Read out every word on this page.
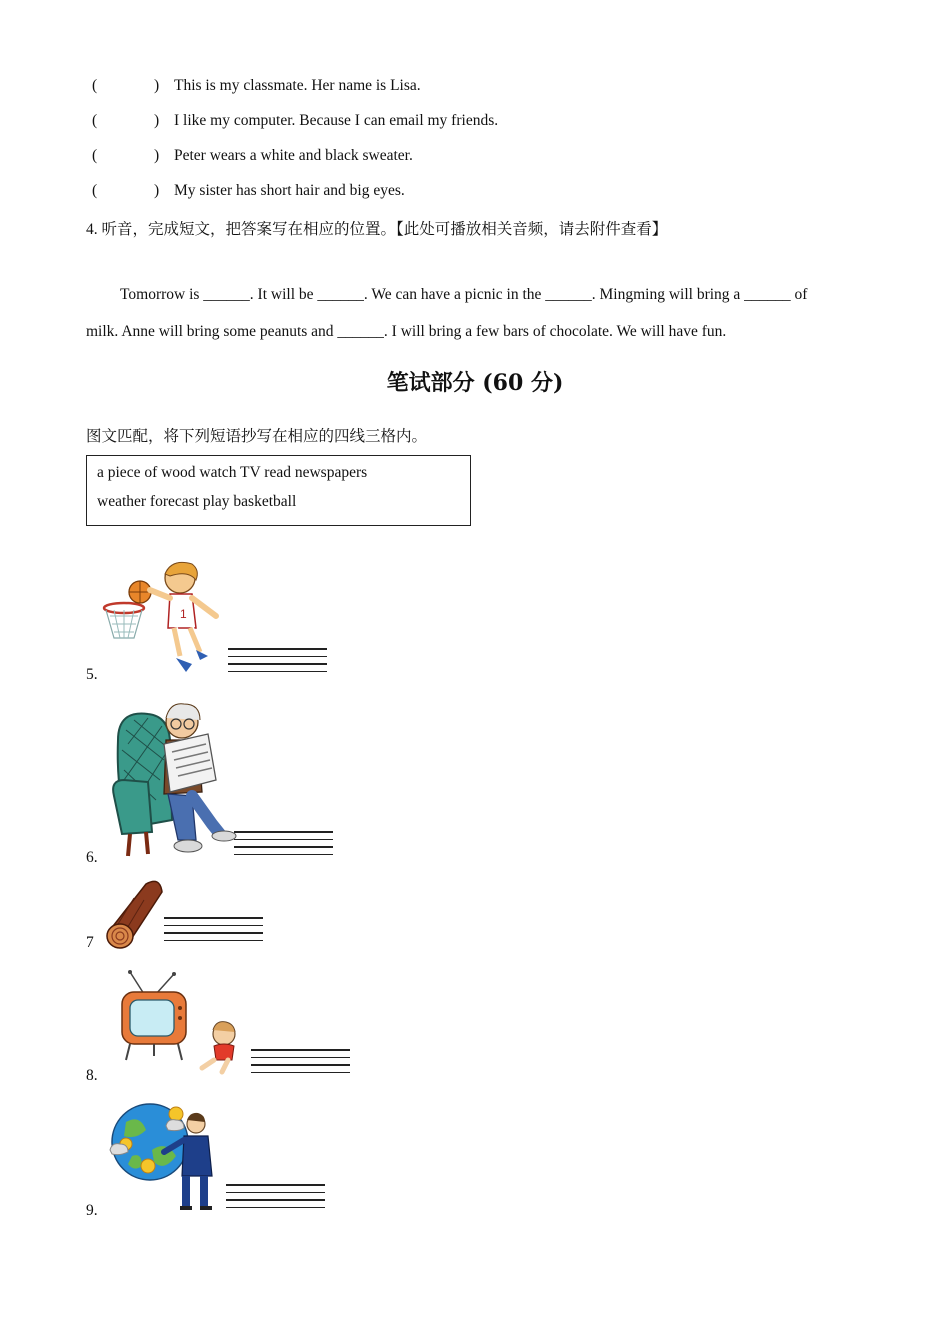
(	) This is my classmate. Her name is Lisa.
(	) I like my computer. Because I can email my friends.
(	) Peter wears a white and black sweater.
(	) My sister has short hair and big eyes.
4. 听音，完成短文，把答案写在相应的位置。【此处可播放相关音频，请去附件查看】
Tomorrow is ______. It will be ______. We can have a picnic in the ______. Mingming will bring a ______ of
milk. Anne will bring some peanuts and ______. I will bring a few bars of chocolate. We will have fun.
笔试部分 (60 分)
图文匹配，将下列短语抄写在相应的四线三格内。
a piece of wood watch TV read newspapers
weather forecast play basketball
1
5.
6.
7
8.
9.
